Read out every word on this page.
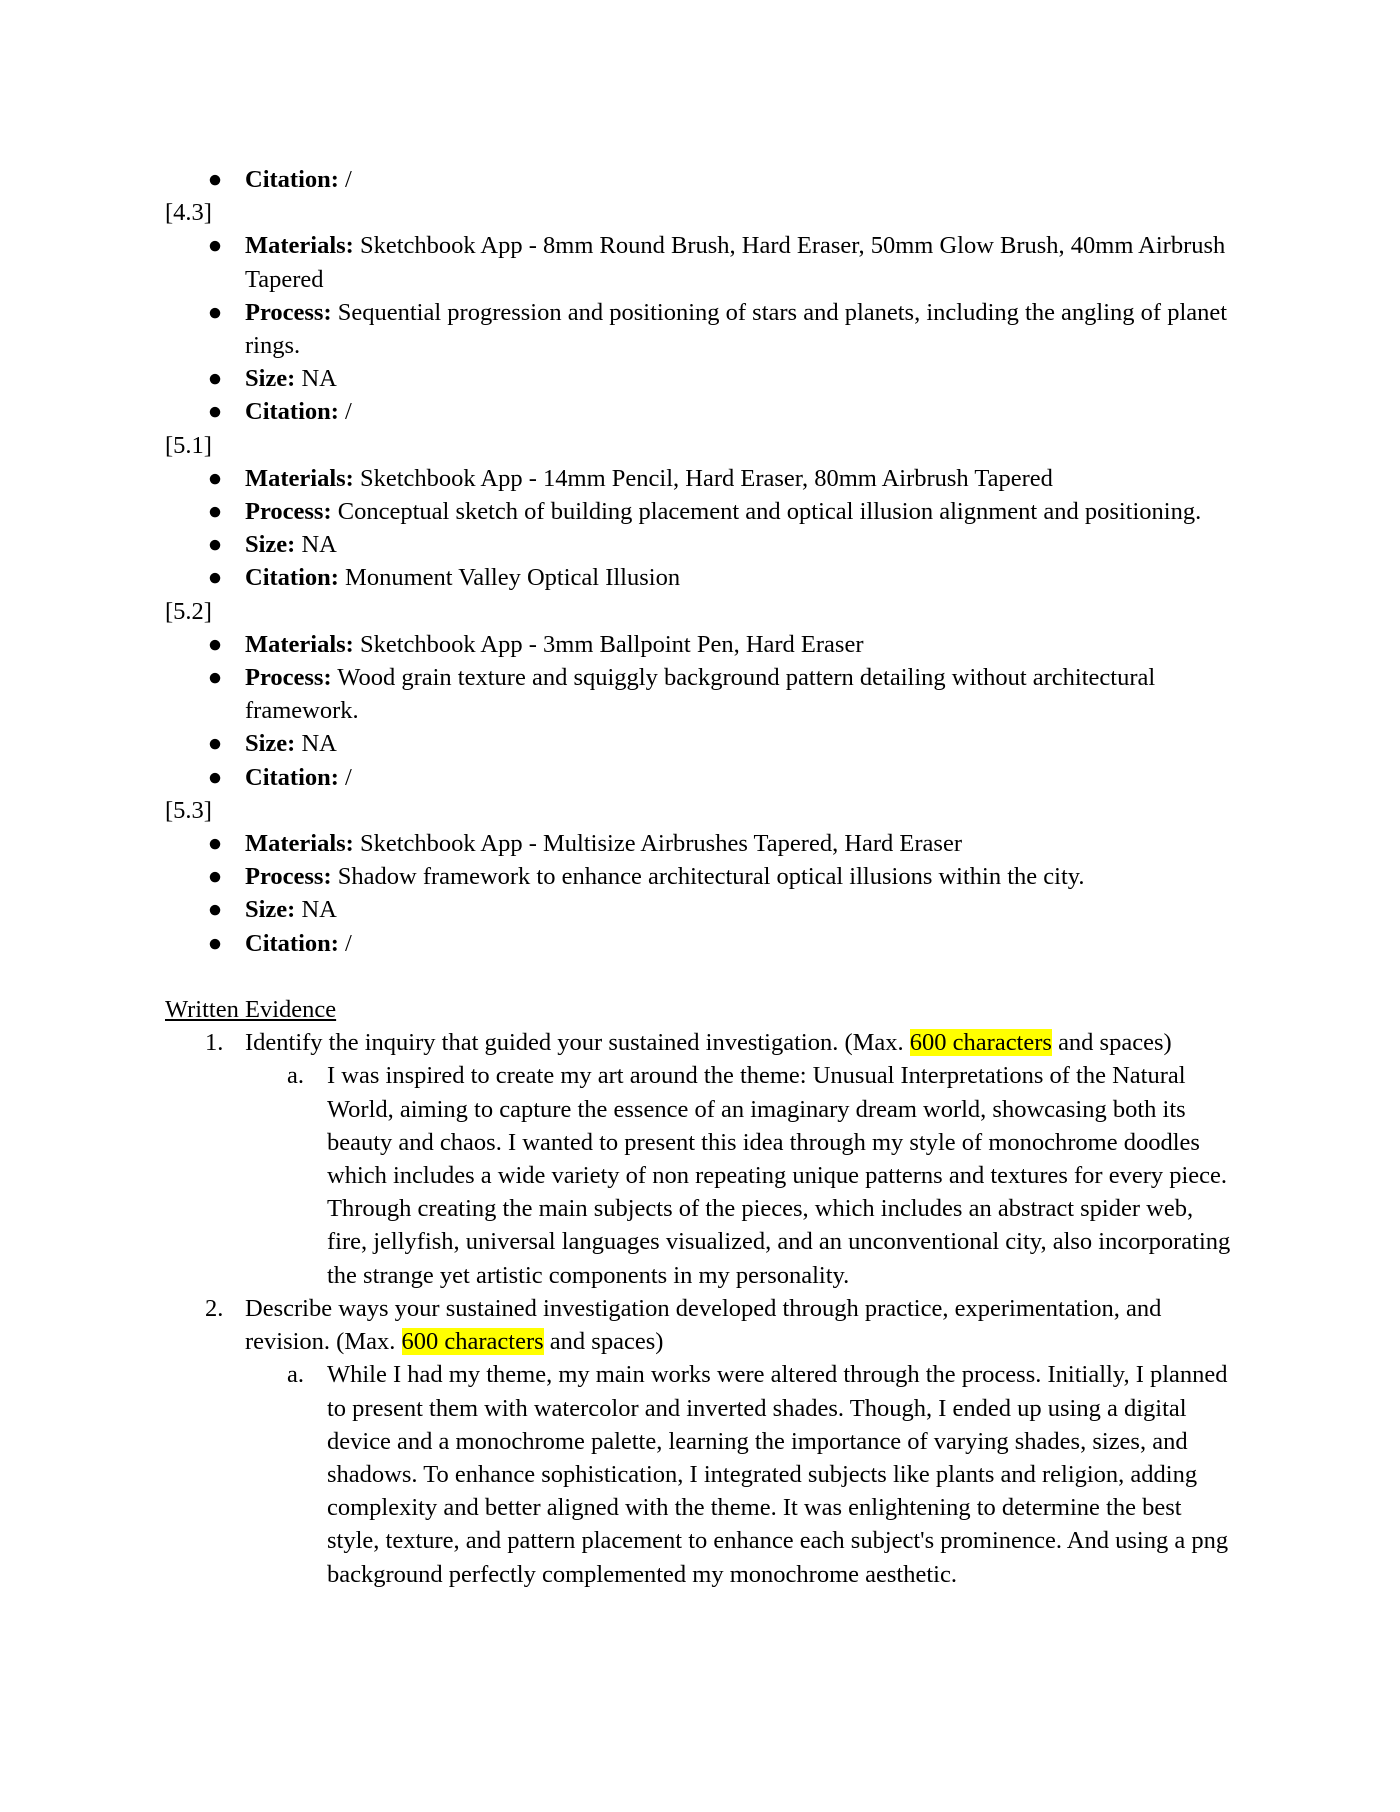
● Citation: /

[4.3]

● Materials: Sketchbook App - 8mm Round Brush, Hard Eraser, 50mm Glow Brush, 40mm Airbrush Tapered
● Process: Sequential progression and positioning of stars and planets, including the angling of planet rings.
● Size: NA
● Citation: /

[5.1]

● Materials: Sketchbook App - 14mm Pencil, Hard Eraser, 80mm Airbrush Tapered
● Process: Conceptual sketch of building placement and optical illusion alignment and positioning.
● Size: NA
● Citation: Monument Valley Optical Illusion

[5.2]

● Materials: Sketchbook App - 3mm Ballpoint Pen, Hard Eraser
● Process: Wood grain texture and squiggly background pattern detailing without architectural framework.
● Size: NA
● Citation: /

[5.3]

● Materials: Sketchbook App - Multisize Airbrushes Tapered, Hard Eraser
● Process: Shadow framework to enhance architectural optical illusions within the city.
● Size: NA
● Citation: /

Written Evidence

1. Identify the inquiry that guided your sustained investigation. (Max. 600 characters and spaces)
a. I was inspired to create my art around the theme: Unusual Interpretations of the Natural World, aiming to capture the essence of an imaginary dream world, showcasing both its beauty and chaos. I wanted to present this idea through my style of monochrome doodles which includes a wide variety of non repeating unique patterns and textures for every piece. Through creating the main subjects of the pieces, which includes an abstract spider web, fire, jellyfish, universal languages visualized, and an unconventional city, also incorporating the strange yet artistic components in my personality.
2. Describe ways your sustained investigation developed through practice, experimentation, and revision. (Max. 600 characters and spaces)
a. While I had my theme, my main works were altered through the process. Initially, I planned to present them with watercolor and inverted shades. Though, I ended up using a digital device and a monochrome palette, learning the importance of varying shades, sizes, and shadows. To enhance sophistication, I integrated subjects like plants and religion, adding complexity and better aligned with the theme. It was enlightening to determine the best style, texture, and pattern placement to enhance each subject's prominence. And using a png background perfectly complemented my monochrome aesthetic.
